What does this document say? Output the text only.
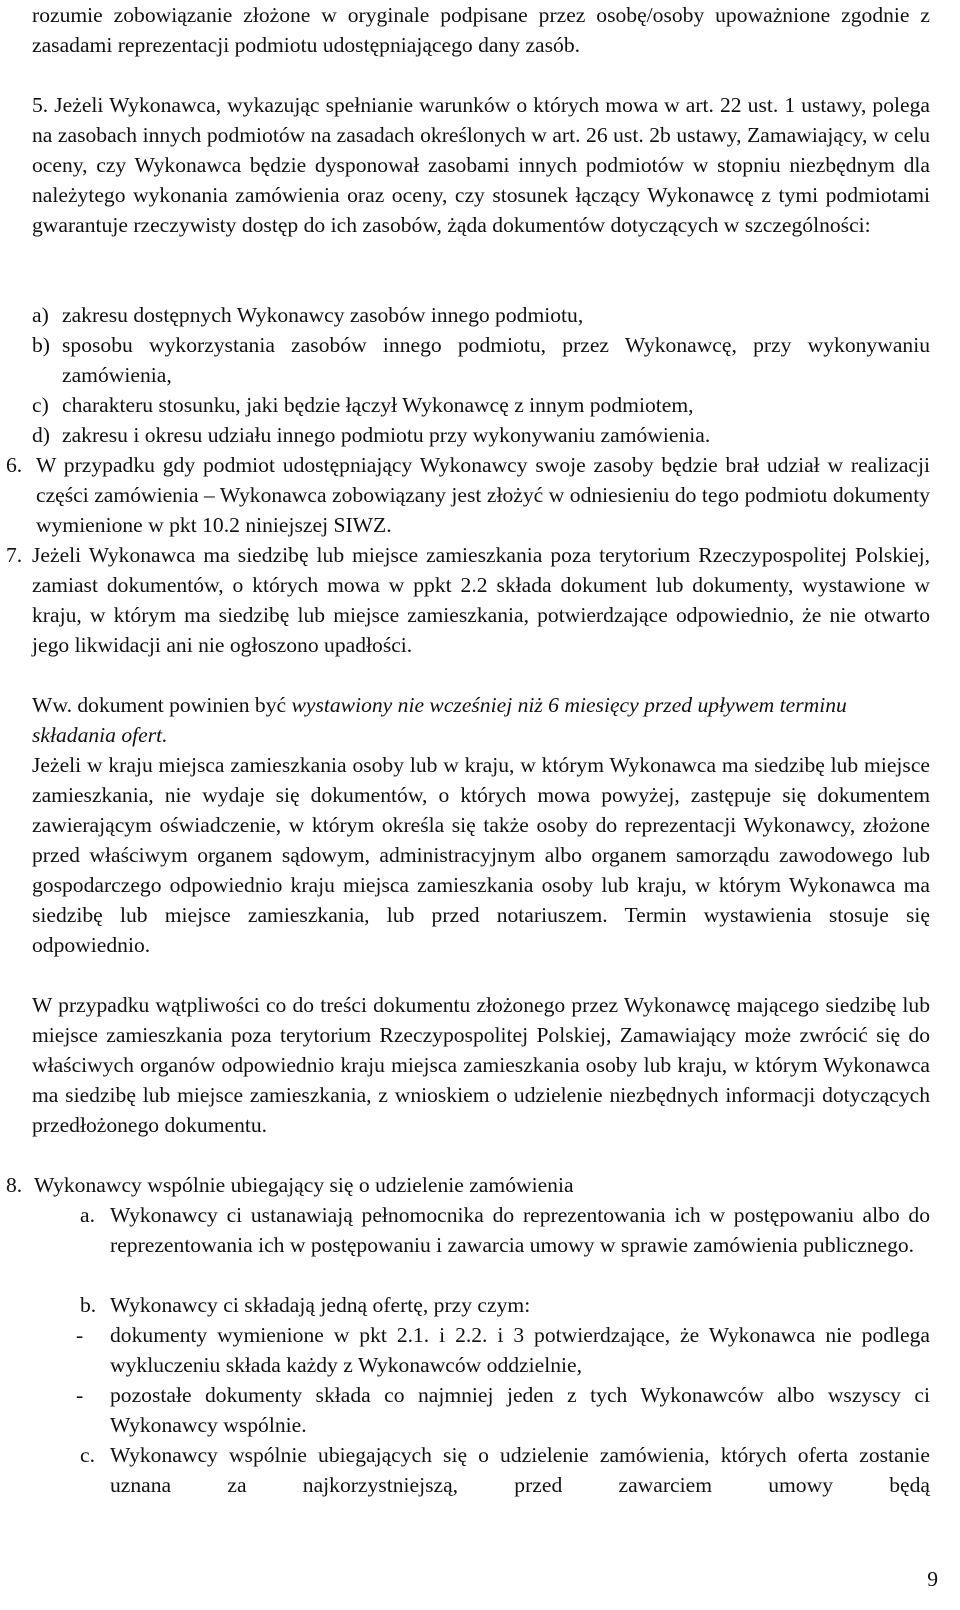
rozumie zobowiązanie złożone w oryginale podpisane przez osobę/osoby upoważnione zgodnie z zasadami reprezentacji podmiotu udostępniającego dany zasób.

5. Jeżeli Wykonawca, wykazując spełnianie warunków o których mowa w art. 22 ust. 1 ustawy, polega na zasobach innych podmiotów na zasadach określonych w art. 26 ust. 2b ustawy, Zamawiający, w celu oceny, czy Wykonawca będzie dysponował zasobami innych podmiotów w stopniu niezbędnym dla należytego wykonania zamówienia oraz oceny, czy stosunek łączący Wykonawcę z tymi podmiotami gwarantuje rzeczywisty dostęp do ich zasobów, żąda dokumentów dotyczących w szczególności:

a) zakresu dostępnych Wykonawcy zasobów innego podmiotu,
b) sposobu wykorzystania zasobów innego podmiotu, przez Wykonawcę, przy wykonywaniu zamówienia,
c) charakteru stosunku, jaki będzie łączył Wykonawcę z innym podmiotem,
d) zakresu i okresu udziału innego podmiotu przy wykonywaniu zamówienia.
6. W przypadku gdy podmiot udostępniający Wykonawcy swoje zasoby będzie brał udział w realizacji części zamówienia – Wykonawca zobowiązany jest złożyć w odniesieniu do tego podmiotu dokumenty wymienione w pkt 10.2 niniejszej SIWZ.
7. Jeżeli Wykonawca ma siedzibę lub miejsce zamieszkania poza terytorium Rzeczypospolitej Polskiej, zamiast dokumentów, o których mowa w ppkt 2.2 składa dokument lub dokumenty, wystawione w kraju, w którym ma siedzibę lub miejsce zamieszkania, potwierdzające odpowiednio, że nie otwarto jego likwidacji ani nie ogłoszono upadłości.

Ww. dokument powinien być wystawiony nie wcześniej niż 6 miesięcy przed upływem terminu składania ofert.

Jeżeli w kraju miejsca zamieszkania osoby lub w kraju, w którym Wykonawca ma siedzibę lub miejsce zamieszkania, nie wydaje się dokumentów, o których mowa powyżej, zastępuje się dokumentem zawierającym oświadczenie, w którym określa się także osoby do reprezentacji Wykonawcy, złożone przed właściwym organem sądowym, administracyjnym albo organem samorządu zawodowego lub gospodarczego odpowiednio kraju miejsca zamieszkania osoby lub kraju, w którym Wykonawca ma siedzibę lub miejsce zamieszkania, lub przed notariuszem. Termin wystawienia stosuje się odpowiednio.

W przypadku wątpliwości co do treści dokumentu złożonego przez Wykonawcę mającego siedzibę lub miejsce zamieszkania poza terytorium Rzeczypospolitej Polskiej, Zamawiający może zwrócić się do właściwych organów odpowiednio kraju miejsca zamieszkania osoby lub kraju, w którym Wykonawca ma siedzibę lub miejsce zamieszkania, z wnioskiem o udzielenie niezbędnych informacji dotyczących przedłożonego dokumentu.

8. Wykonawcy wspólnie ubiegający się o udzielenie zamówienia
a. Wykonawcy ci ustanawiają pełnomocnika do reprezentowania ich w postępowaniu albo do reprezentowania ich w postępowaniu i zawarcia umowy w sprawie zamówienia publicznego.
b. Wykonawcy ci składają jedną ofertę, przy czym:
-	dokumenty wymienione w pkt 2.1. i 2.2. i 3 potwierdzające, że Wykonawca nie podlega wykluczeniu składa każdy z Wykonawców oddzielnie,
-	pozostałe dokumenty składa co najmniej jeden z tych Wykonawców albo wszyscy ci Wykonawcy wspólnie.
c. Wykonawcy wspólnie ubiegających się o udzielenie zamówienia, których oferta zostanie uznana za najkorzystniejszą, przed zawarciem umowy będą
9
